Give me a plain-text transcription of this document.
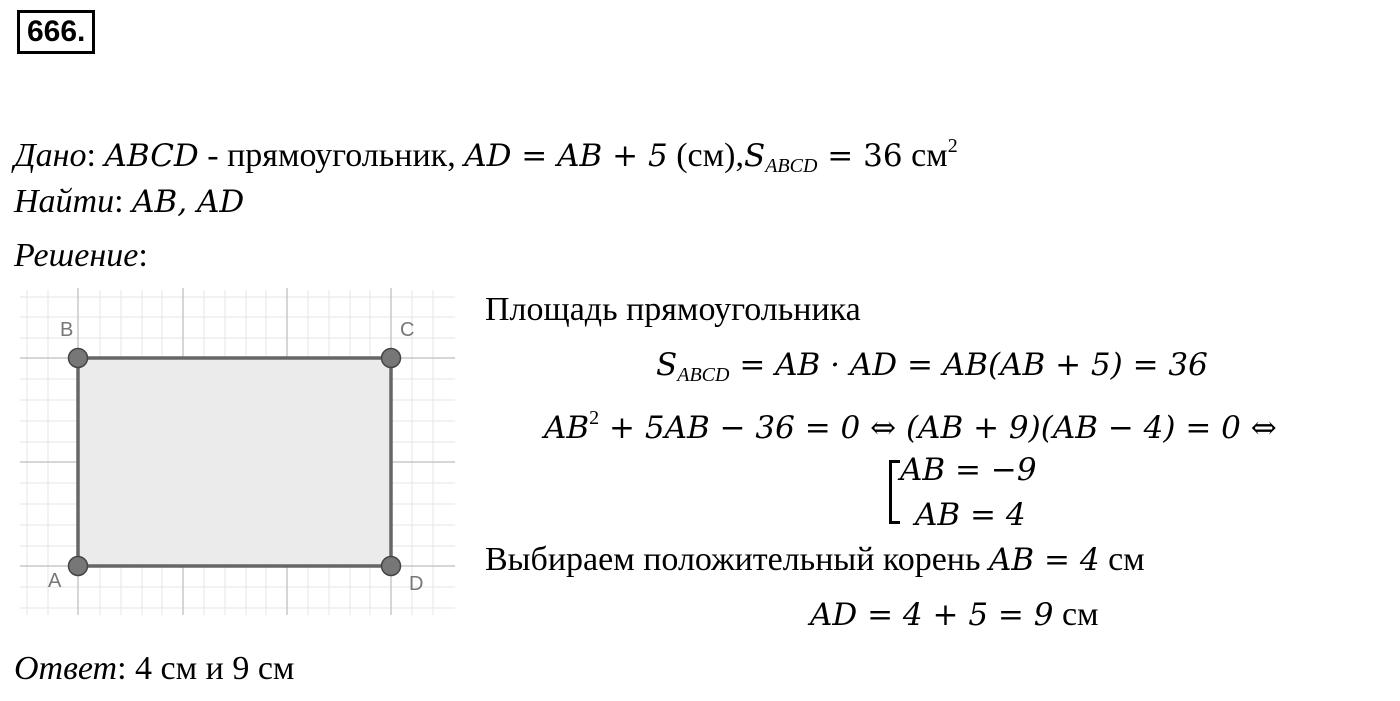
666.
Дано: ABCD - прямоугольник, AD = AB + 5 $(см),S_{ABCD} = 36$ $см^2$
Найти: AB, AD
Решение:
B	C
A	D
Площадь прямоугольника
$S_{ABCD}$ = AB · AD = AB(AB + 5) = 36
$AB^2 + 5AB - 36 = 0$ ⇔ (AB + 9)(AB − 4) = 0 ⇔
AB = −9
AB = 4
Выбираем положительный корень AB = 4 см
AD = 4 + 5 = 9 см
Ответ: 4 см и 9 см
